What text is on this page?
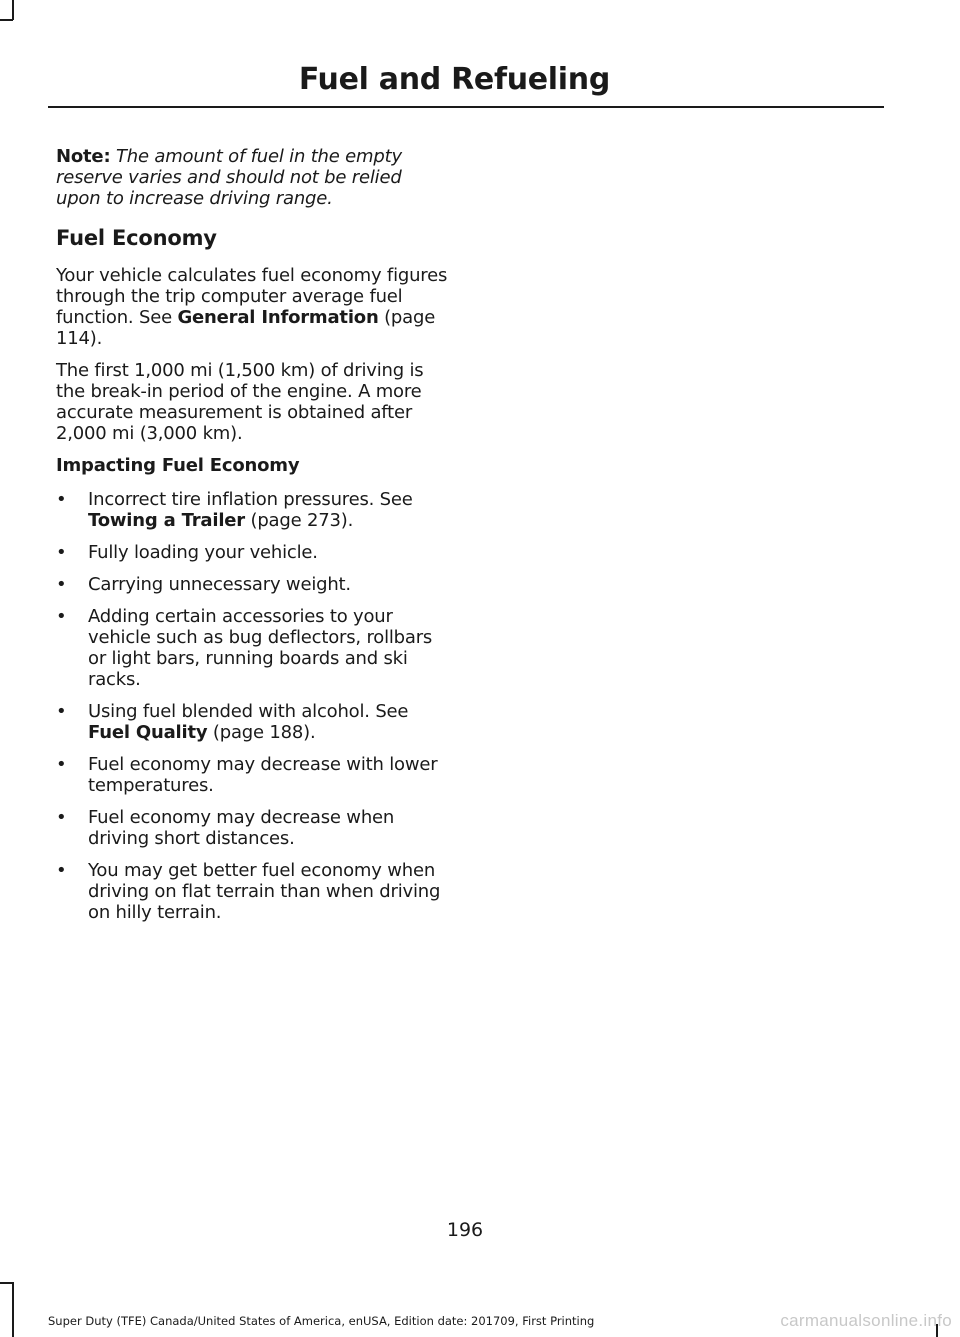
Fuel and Refueling

Note: The amount of fuel in the empty reserve varies and should not be relied upon to increase driving range.

Fuel Economy

Your vehicle calculates fuel economy figures through the trip computer average fuel function. See General Information (page 114).

The first 1,000 mi (1,500 km) of driving is the break-in period of the engine. A more accurate measurement is obtained after 2,000 mi (3,000 km).

Impacting Fuel Economy
•	Incorrect tire inflation pressures. See Towing a Trailer (page 273).
•	Fully loading your vehicle.
•	Carrying unnecessary weight.
•	Adding certain accessories to your vehicle such as bug deflectors, rollbars or light bars, running boards and ski racks.
•	Using fuel blended with alcohol. See Fuel Quality (page 188).
•	Fuel economy may decrease with lower temperatures.
•	Fuel economy may decrease when driving short distances.
•	You may get better fuel economy when driving on flat terrain than when driving on hilly terrain.
196
Super Duty (TFE) Canada/United States of America, enUSA, Edition date: 201709, First Printing	carmanualsonline.info
